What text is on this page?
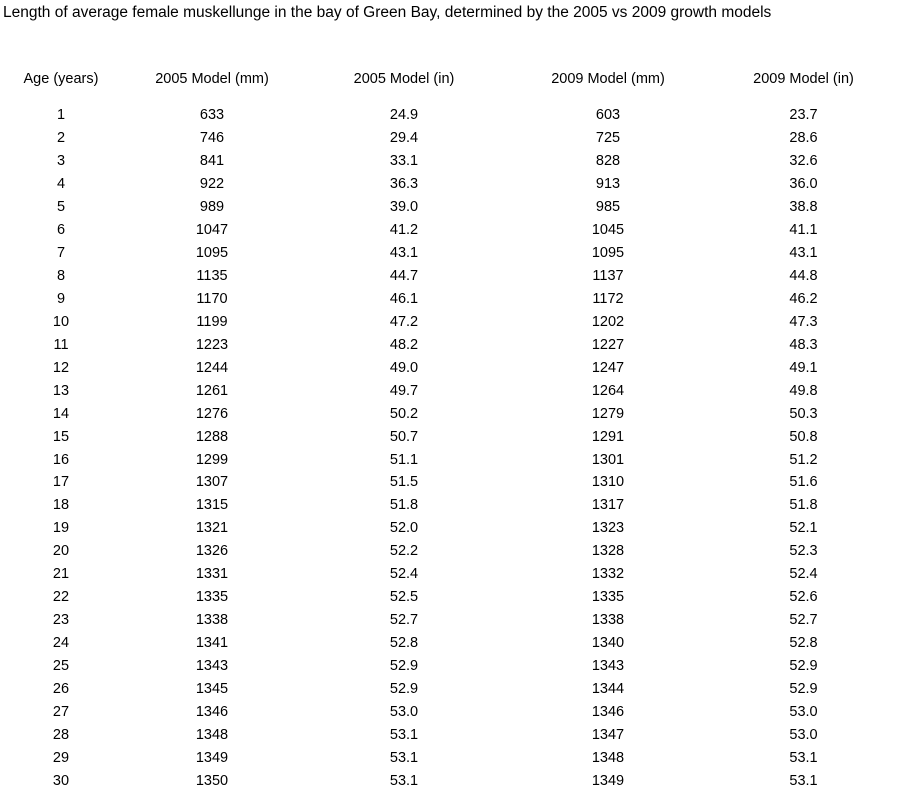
Length of average female muskellunge in the bay of Green Bay, determined by the 2005 vs 2009 growth models
Age (years)	2005 Model (mm)	2005 Model (in)	2009 Model (mm)	2009 Model (in)

1	633	24.9	603	23.7
2	746	29.4	725	28.6
3	841	33.1	828	32.6
4	922	36.3	913	36.0
5	989	39.0	985	38.8
6	1047	41.2	1045	41.1
7	1095	43.1	1095	43.1
8	1135	44.7	1137	44.8
9	1170	46.1	1172	46.2
10	1199	47.2	1202	47.3
11	1223	48.2	1227	48.3
12	1244	49.0	1247	49.1
13	1261	49.7	1264	49.8
14	1276	50.2	1279	50.3
15	1288	50.7	1291	50.8
16	1299	51.1	1301	51.2
17	1307	51.5	1310	51.6
18	1315	51.8	1317	51.8
19	1321	52.0	1323	52.1
20	1326	52.2	1328	52.3
21	1331	52.4	1332	52.4
22	1335	52.5	1335	52.6
23	1338	52.7	1338	52.7
24	1341	52.8	1340	52.8
25	1343	52.9	1343	52.9
26	1345	52.9	1344	52.9
27	1346	53.0	1346	53.0
28	1348	53.1	1347	53.0
29	1349	53.1	1348	53.1
30	1350	53.1	1349	53.1
